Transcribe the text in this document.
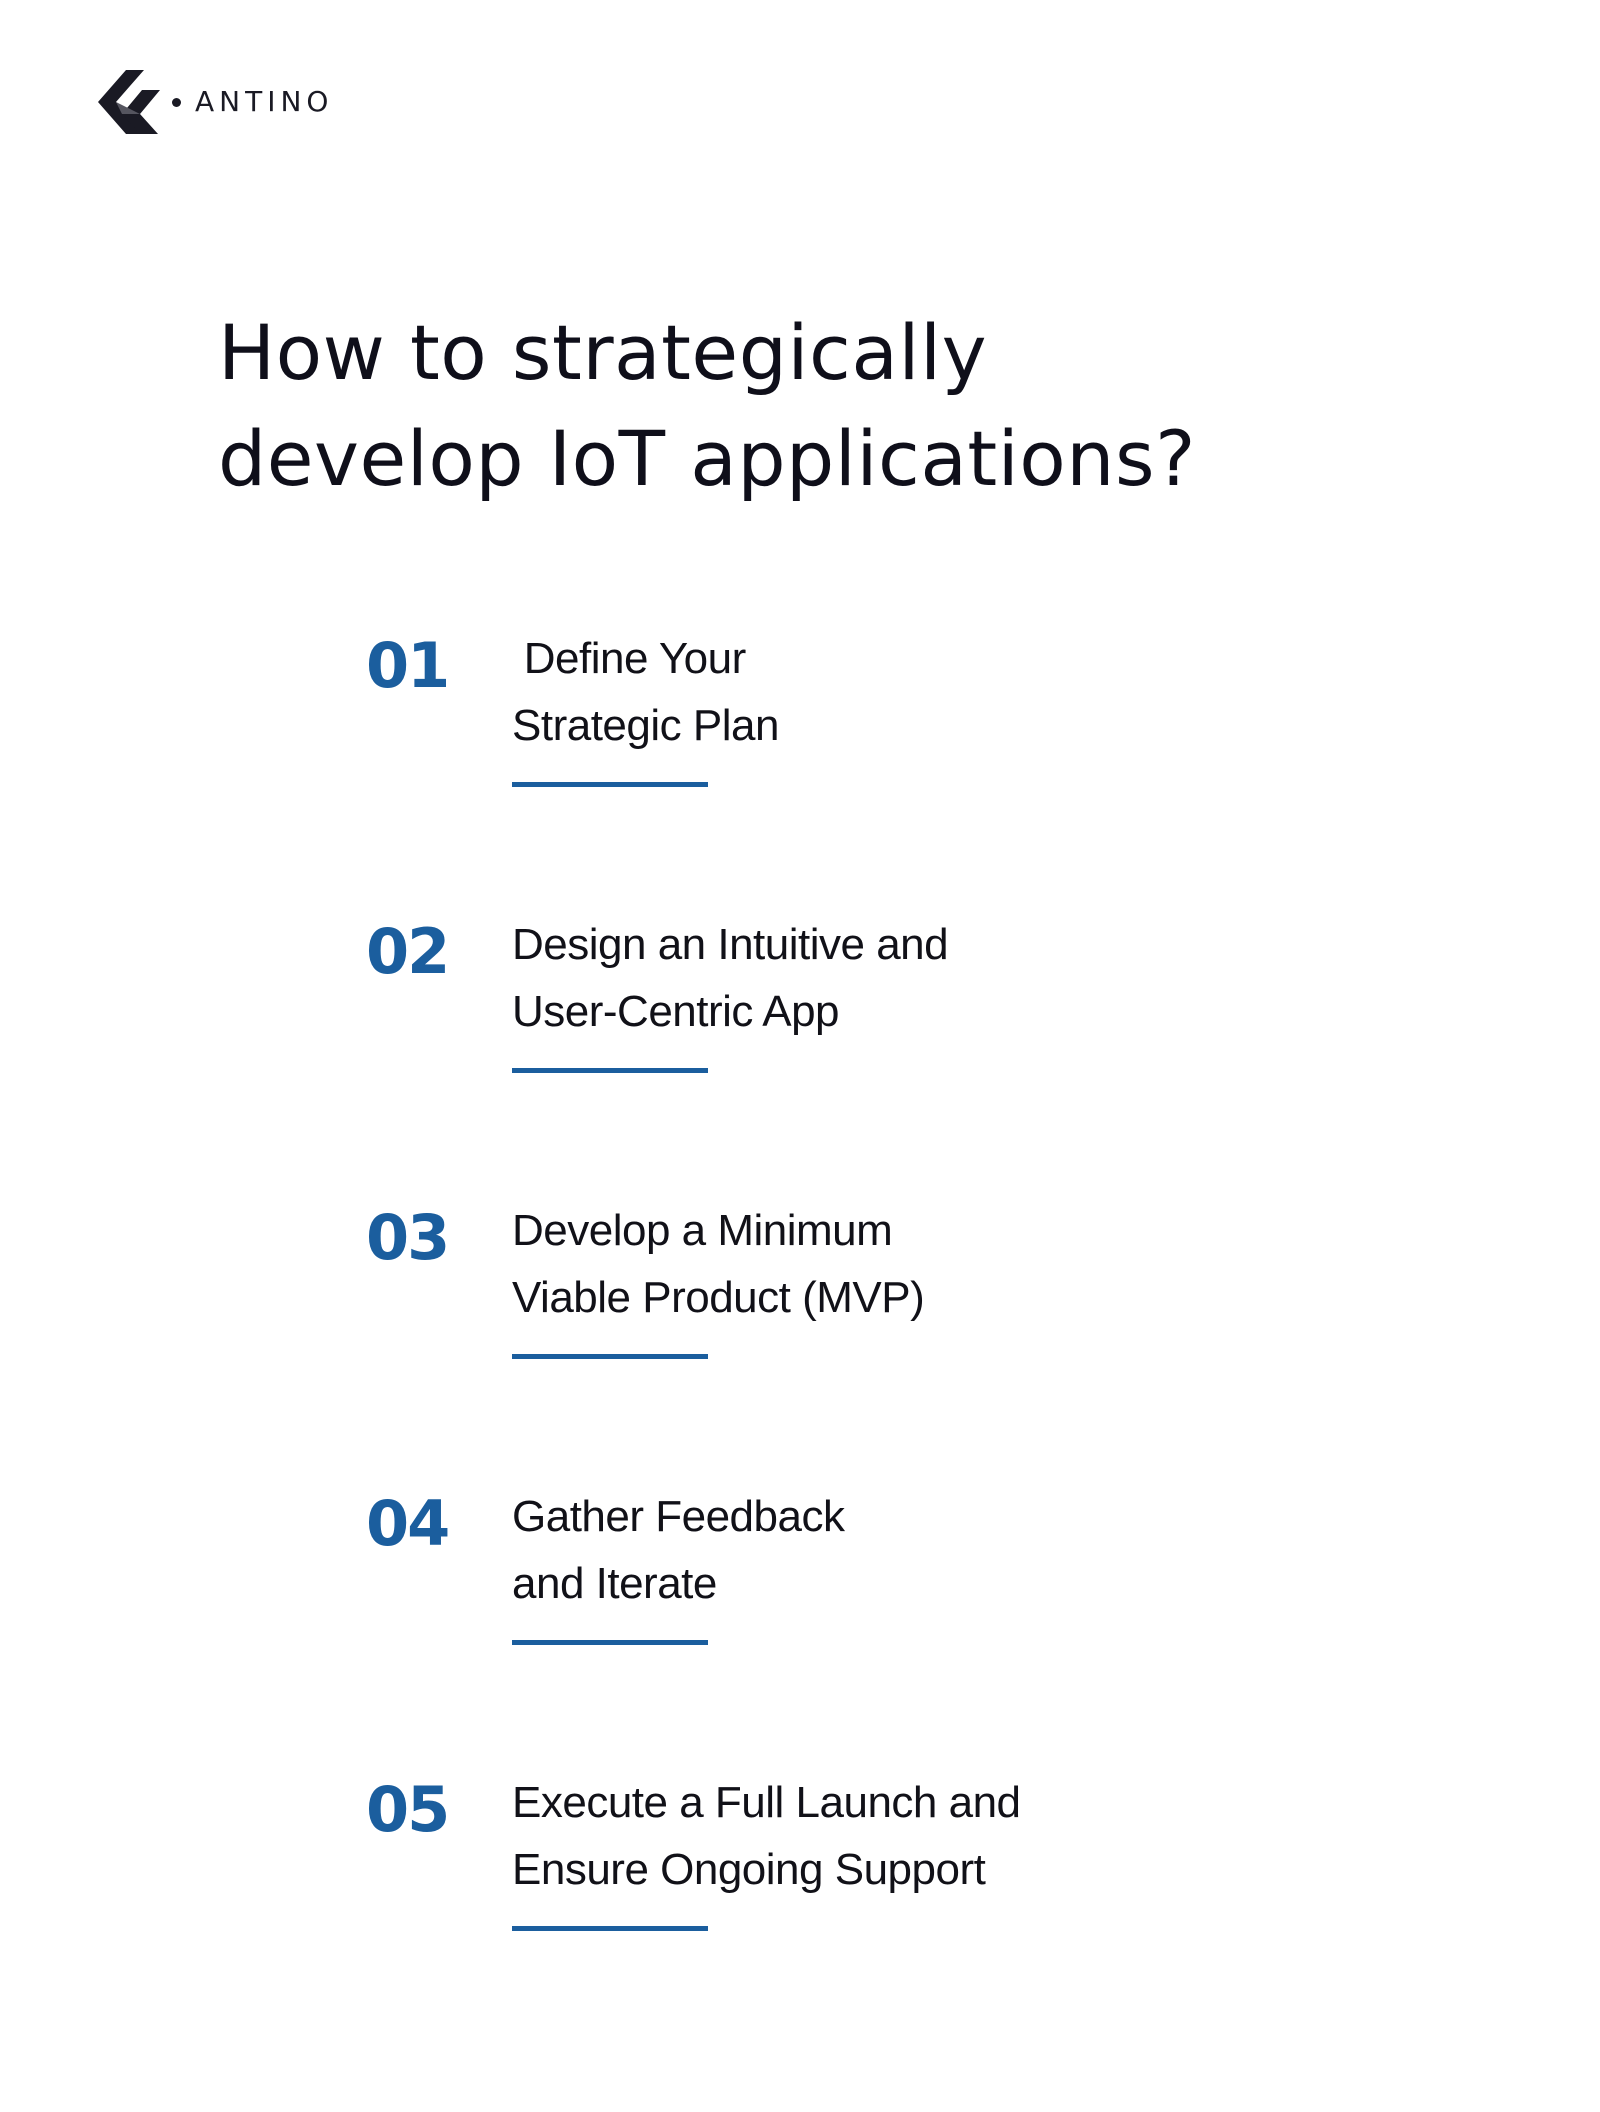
ANTINO
How to strategically
develop IoT applications?
01 Define Your
Strategic Plan
02 Design an Intuitive and
User-Centric App
03 Develop a Minimum
Viable Product (MVP)
04 Gather Feedback
and Iterate
05 Execute a Full Launch and
Ensure Ongoing Support
